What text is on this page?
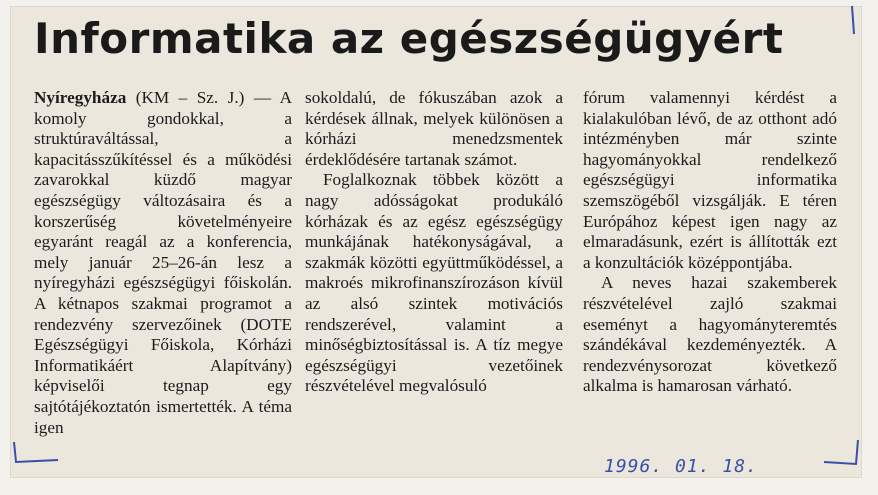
Informatika az egészségügyért

Nyíregyháza (KM – Sz. J.) — A komoly gondokkal, a struktúraváltással, a kapacitásszűkítéssel és a működési zavarokkal küzdő magyar egészségügy változásaira és a korszerűség követelményeire egyaránt reagál az a konferencia, mely január 25–26-án lesz a nyíregyházi egészségügyi főiskolán. A kétnapos szakmai programot a rendezvény szervezőinek (DOTE Egészségügyi Főiskola, Kórházi Informatikáért Alapítvány) képviselői tegnap egy sajtótájékoztatón ismertették. A téma igen

sokoldalú, de fókuszában azok a kérdések állnak, melyek különösen a kórházi menedzsmentek érdeklődésére tartanak számot.

Foglalkoznak többek között a nagy adósságokat produkáló kórházak és az egész egészségügy munkájának hatékonyságával, a szakmák közötti együttműködéssel, a makroés mikrofinanszírozáson kívül az alsó szintek motivációs rendszerével, valamint a minőségbiztosítással is. A tíz megye egészségügyi vezetőinek részvételével megvalósuló

fórum valamennyi kérdést a kialakulóban lévő, de az otthont adó intézményben már szinte hagyományokkal rendelkező egészségügyi informatika szemszögéből vizsgálják. E téren Európához képest igen nagy az elmaradásunk, ezért is állították ezt a konzultációk középpontjába.

A neves hazai szakemberek részvételével zajló szakmai eseményt a hagyományteremtés szándékával kezdeményezték. A rendezvénysorozat következő alkalma is hamarosan várható.

1996. 01. 18.
